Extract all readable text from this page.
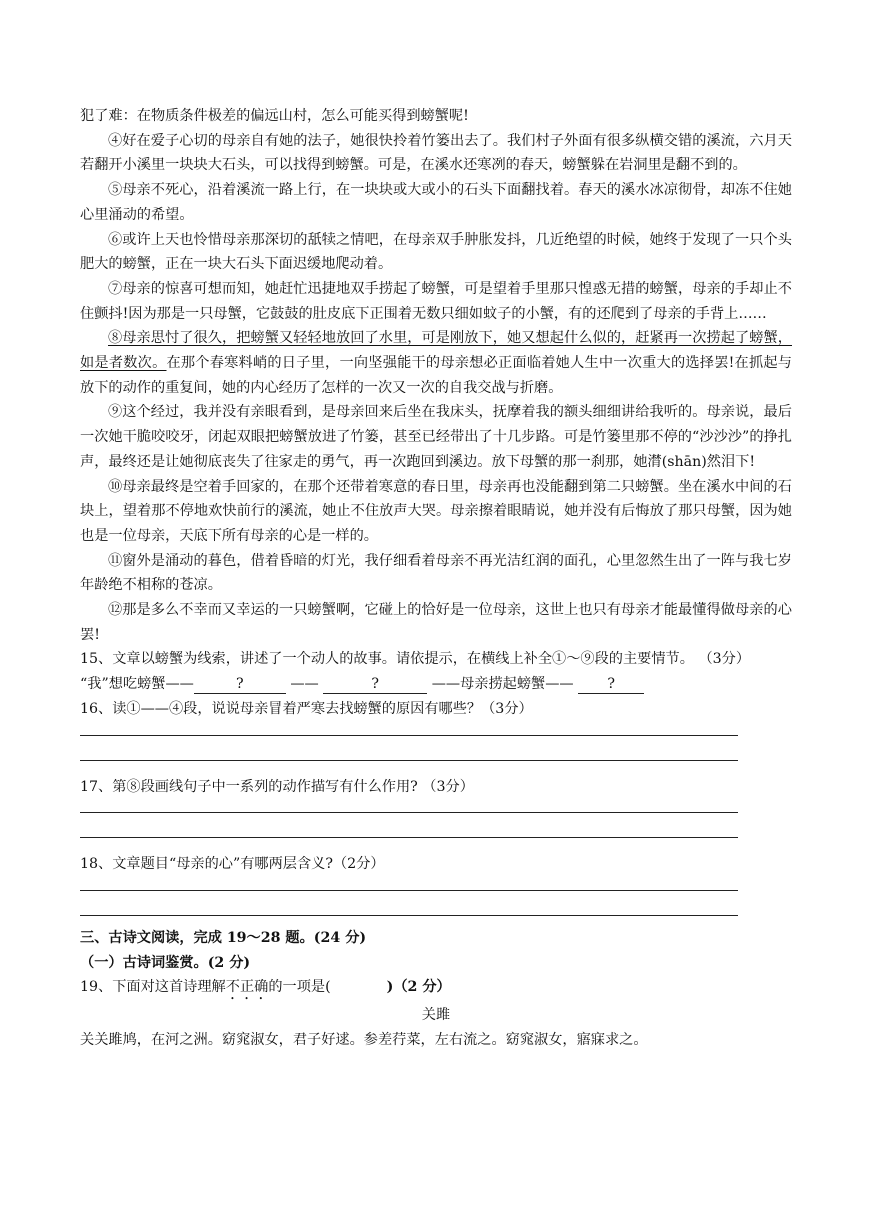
犯了难：在物质条件极差的偏远山村，怎么可能买得到螃蟹呢!

④好在爱子心切的母亲自有她的法子，她很快拎着竹篓出去了。我们村子外面有很多纵横交错的溪流，六月天若翻开小溪里一块块大石头，可以找得到螃蟹。可是，在溪水还寒冽的春天，螃蟹躲在岩洞里是翻不到的。

⑤母亲不死心，沿着溪流一路上行，在一块块或大或小的石头下面翻找着。春天的溪水冰凉彻骨，却冻不住她心里涌动的希望。

⑥或许上天也怜惜母亲那深切的舐犊之情吧，在母亲双手肿胀发抖，几近绝望的时候，她终于发现了一只个头肥大的螃蟹，正在一块大石头下面迟缓地爬动着。

⑦母亲的惊喜可想而知，她赶忙迅捷地双手捞起了螃蟹，可是望着手里那只惶惑无措的螃蟹，母亲的手却止不住颤抖!因为那是一只母蟹，它鼓鼓的肚皮底下正围着无数只细如蚊子的小蟹，有的还爬到了母亲的手背上……

⑧母亲思忖了很久，把螃蟹又轻轻地放回了水里，可是刚放下，她又想起什么似的，赶紧再一次捞起了螃蟹，如是者数次。在那个春寒料峭的日子里，一向坚强能干的母亲想必正面临着她人生中一次重大的选择罢!在抓起与放下的动作的重复间，她的内心经历了怎样的一次又一次的自我交战与折磨。

⑨这个经过，我并没有亲眼看到，是母亲回来后坐在我床头，抚摩着我的额头细细讲给我听的。母亲说，最后一次她干脆咬咬牙，闭起双眼把螃蟹放进了竹篓，甚至已经带出了十几步路。可是竹篓里那不停的“沙沙沙”的挣扎声，最终还是让她彻底丧失了往家走的勇气，再一次跑回到溪边。放下母蟹的那一刹那，她潸(shān)然泪下!

⑩母亲最终是空着手回家的，在那个还带着寒意的春日里，母亲再也没能翻到第二只螃蟹。坐在溪水中间的石块上，望着那不停地欢快前行的溪流，她止不住放声大哭。母亲擦着眼睛说，她并没有后悔放了那只母蟹，因为她也是一位母亲，天底下所有母亲的心是一样的。

⑪窗外是涌动的暮色，借着昏暗的灯光，我仔细看着母亲不再光洁红润的面孔，心里忽然生出了一阵与我七岁年龄绝不相称的苍凉。

⑫那是多么不幸而又幸运的一只螃蟹啊，它碰上的恰好是一位母亲，这世上也只有母亲才能最懂得做母亲的心罢!

15、文章以螃蟹为线索，讲述了一个动人的故事。请依提示，在横线上补全①～⑨段的主要情节。 （3分）

“我”想吃螃蟹——	?	——	?	——母亲捞起螃蟹—— ?

16、读①——④段，说说母亲冒着严寒去找螃蟹的原因有哪些？（3分）

17、第⑧段画线句子中一系列的动作描写有什么作用? （3分）

18、文章题目“母亲的心”有哪两层含义?（2分）

三、古诗文阅读，完成 19～28 题。(24 分)

（一）古诗词鉴赏。(2 分)

19、下面对这首诗理解不正确的一项是(	)（2 分）

关雎

关关雎鸠，在河之洲。窈窕淑女，君子好逑。参差荇菜，左右流之。窈窕淑女，寤寐求之。
